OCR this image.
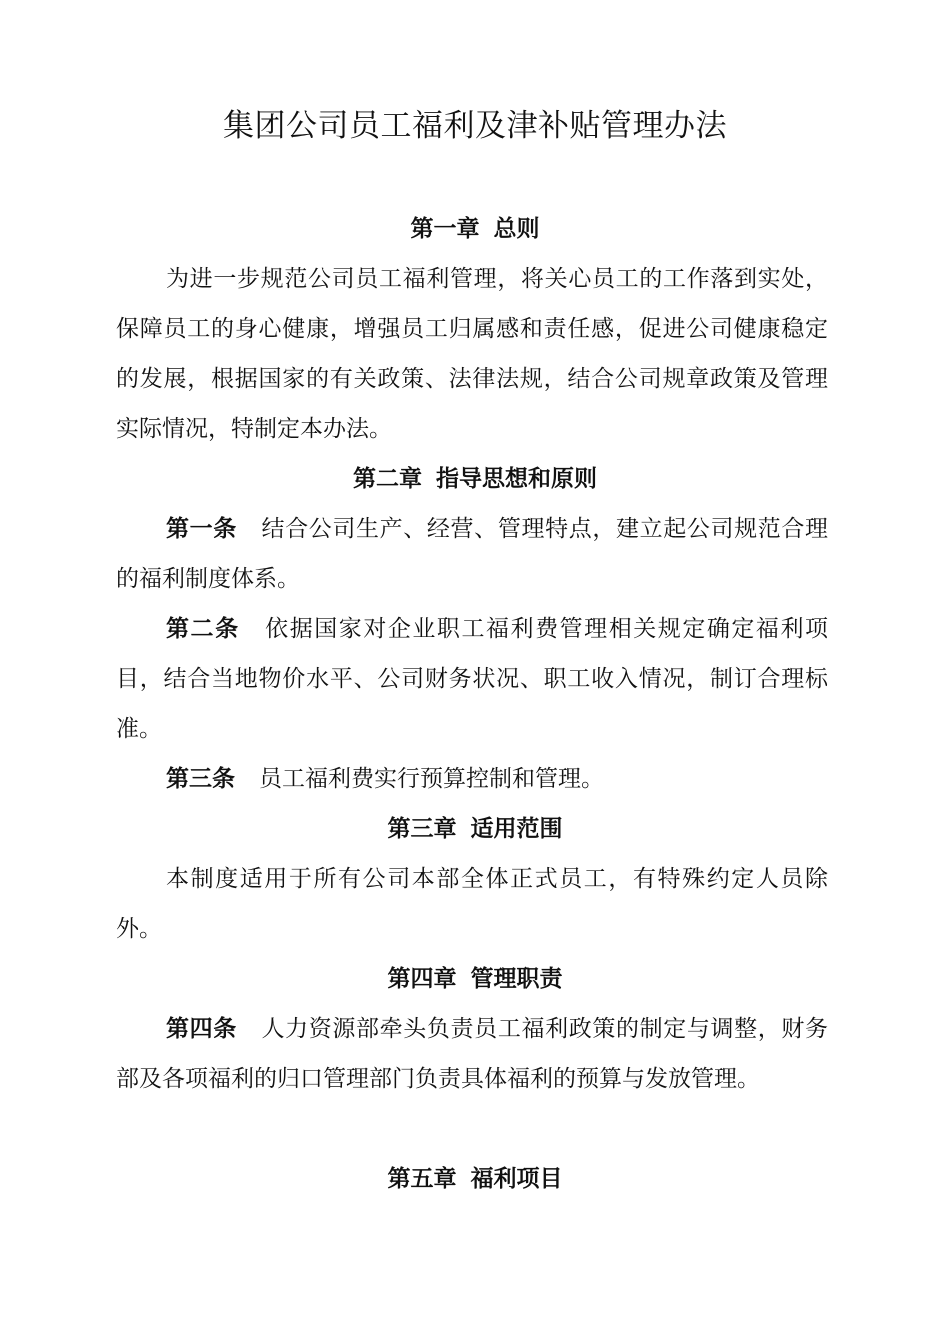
集团公司员工福利及津补贴管理办法
第一章 总则

为进一步规范公司员工福利管理，将关心员工的工作落到实处，保障员工的身心健康，增强员工归属感和责任感，促进公司健康稳定的发展，根据国家的有关政策、法律法规，结合公司规章政策及管理实际情况，特制定本办法。

第二章 指导思想和原则

第一条 结合公司生产、经营、管理特点，建立起公司规范合理的福利制度体系。

第二条 依据国家对企业职工福利费管理相关规定确定福利项目，结合当地物价水平、公司财务状况、职工收入情况，制订合理标准。

第三条 员工福利费实行预算控制和管理。

第三章 适用范围

本制度适用于所有公司本部全体正式员工，有特殊约定人员除外。

第四章 管理职责

第四条 人力资源部牵头负责员工福利政策的制定与调整，财务部及各项福利的归口管理部门负责具体福利的预算与发放管理。

第五章 福利项目
